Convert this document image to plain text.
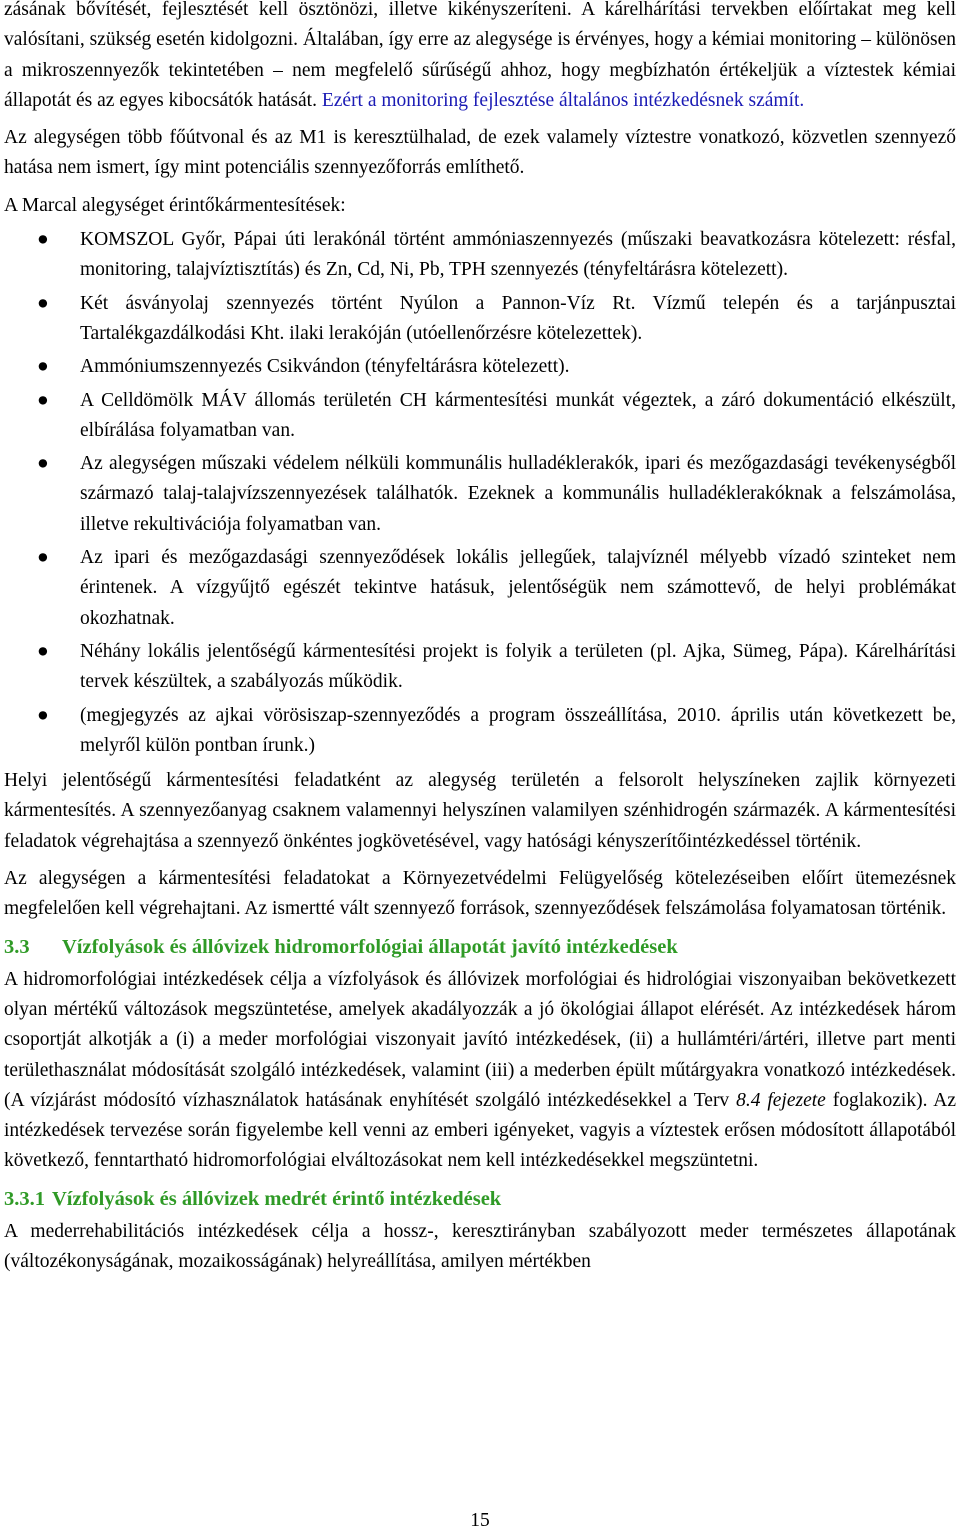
zásának bővítését, fejlesztését kell ösztönözi, illetve kikényszeríteni. A kárelhárítási tervekben előírtakat meg kell valósítani, szükség esetén kidolgozni. Általában, így erre az alegysége is érvényes, hogy a kémiai monitoring – különösen a mikroszennyezők tekintetében – nem megfelelő sűrűségű ahhoz, hogy megbízhatón értékeljük a víztestek kémiai állapotát és az egyes kibocsátók hatását. Ezért a monitoring fejlesztése általános intézkedésnek számít.

Az alegységen több főútvonal és az M1 is keresztülhalad, de ezek valamely víztestre vonatkozó, közvetlen szennyező hatása nem ismert, így mint potenciális szennyezőforrás említhető.

A Marcal alegységet érintőkármentesítések:

● KOMSZOL Győr, Pápai úti lerakónál történt ammóniaszennyezés (műszaki beavatkozásra kötelezett: résfal, monitoring, talajvíztisztítás) és Zn, Cd, Ni, Pb, TPH szennyezés (tényfeltárásra kötelezett).
● Két ásványolaj szennyezés történt Nyúlon a Pannon-Víz Rt. Vízmű telepén és a tarjánpusztai Tartalékgazdálkodási Kht. ilaki lerakóján (utóellenőrzésre kötelezettek).
● Ammóniumszennyezés Csikvándon (tényfeltárásra kötelezett).
● A Celldömölk MÁV állomás területén CH kármentesítési munkát végeztek, a záró dokumentáció elkészült, elbírálása folyamatban van.
● Az alegységen műszaki védelem nélküli kommunális hulladéklerakók, ipari és mezőgazdasági tevékenységből származó talaj-talajvízszennyezések találhatók. Ezeknek a kommunális hulladéklerakóknak a felszámolása, illetve rekultivációja folyamatban van.
● Az ipari és mezőgazdasági szennyeződések lokális jellegűek, talajvíznél mélyebb vízadó szinteket nem érintenek. A vízgyűjtő egészét tekintve hatásuk, jelentőségük nem számottevő, de helyi problémákat okozhatnak.
● Néhány lokális jelentőségű kármentesítési projekt is folyik a területen (pl. Ajka, Sümeg, Pápa). Kárelhárítási tervek készültek, a szabályozás működik.
● (megjegyzés az ajkai vörösiszap-szennyeződés a program összeállítása, 2010. április után következett be, melyről külön pontban írunk.)

Helyi jelentőségű kármentesítési feladatként az alegység területén a felsorolt helyszíneken zajlik környezeti kármentesítés. A szennyezőanyag csaknem valamennyi helyszínen valamilyen szénhidrogén származék. A kármentesítési feladatok végrehajtása a szennyező önkéntes jogkövetésével, vagy hatósági kényszerítőintézkedéssel történik.

Az alegységen a kármentesítési feladatokat a Környezetvédelmi Felügyelőség kötelezéseiben előírt ütemezésnek megfelelően kell végrehajtani. Az ismertté vált szennyező források, szennyeződések felszámolása folyamatosan történik.

3.3 Vízfolyások és állóvizek hidromorfológiai állapotát javító intézkedések

A hidromorfológiai intézkedések célja a vízfolyások és állóvizek morfológiai és hidrológiai viszonyaiban bekövetkezett olyan mértékű változások megszüntetése, amelyek akadályozzák a jó ökológiai állapot elérését. Az intézkedések három csoportját alkotják a (i) a meder morfológiai viszonyait javító intézkedések, (ii) a hullámtéri/ártéri, illetve part menti területhasználat módosítását szolgáló intézkedések, valamint (iii) a mederben épült műtárgyakra vonatkozó intézkedések. (A vízjárást módosító vízhasználatok hatásának enyhítését szolgáló intézkedésekkel a Terv 8.4 fejezete foglakozik). Az intézkedések tervezése során figyelembe kell venni az emberi igényeket, vagyis a víztestek erősen módosított állapotából következő, fenntartható hidromorfológiai elváltozásokat nem kell intézkedésekkel megszüntetni.

3.3.1 Vízfolyások és állóvizek medrét érintő intézkedések

A mederrehabilitációs intézkedések célja a hossz-, keresztirányban szabályozott meder természetes állapotának (változékonyságának, mozaikosságának) helyreállítása, amilyen mértékben

15
